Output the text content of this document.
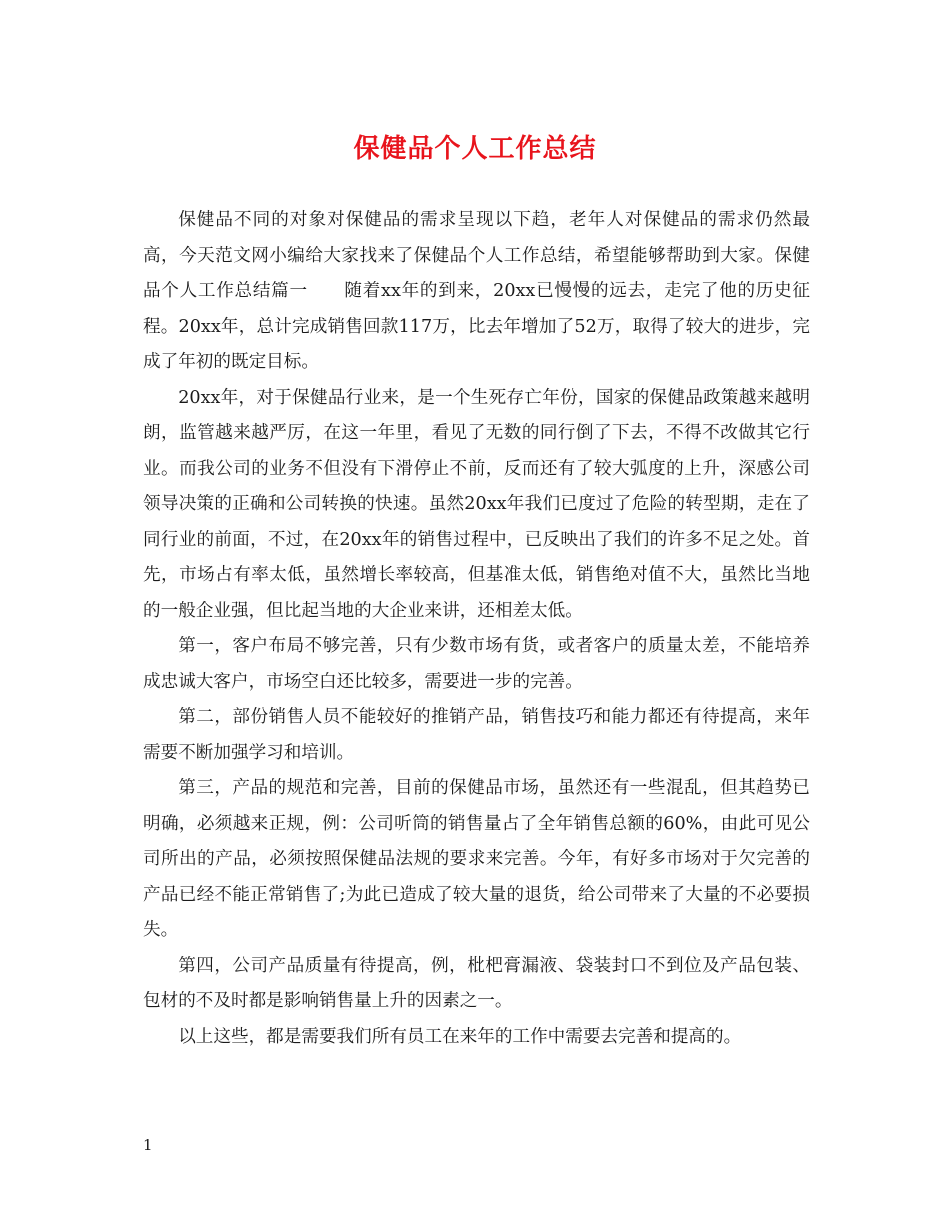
保健品个人工作总结

保健品不同的对象对保健品的需求呈现以下趋，老年人对保健品的需求仍然最高，今天范文网小编给大家找来了保健品个人工作总结，希望能够帮助到大家。保健品个人工作总结篇一　　随着xx年的到来，20xx已慢慢的远去，走完了他的历史征程。20xx年，总计完成销售回款117万，比去年增加了52万，取得了较大的进步，完成了年初的既定目标。

20xx年，对于保健品行业来，是一个生死存亡年份，国家的保健品政策越来越明朗，监管越来越严厉，在这一年里，看见了无数的同行倒了下去，不得不改做其它行业。而我公司的业务不但没有下滑停止不前，反而还有了较大弧度的上升，深感公司领导决策的正确和公司转换的快速。虽然20xx年我们已度过了危险的转型期，走在了同行业的前面，不过，在20xx年的销售过程中，已反映出了我们的许多不足之处。首先，市场占有率太低，虽然增长率较高，但基准太低，销售绝对值不大，虽然比当地的一般企业强，但比起当地的大企业来讲，还相差太低。

第一，客户布局不够完善，只有少数市场有货，或者客户的质量太差，不能培养成忠诚大客户，市场空白还比较多，需要进一步的完善。

第二，部份销售人员不能较好的推销产品，销售技巧和能力都还有待提高，来年需要不断加强学习和培训。

第三，产品的规范和完善，目前的保健品市场，虽然还有一些混乱，但其趋势已明确，必须越来正规，例：公司听筒的销售量占了全年销售总额的60%，由此可见公司所出的产品，必须按照保健品法规的要求来完善。今年，有好多市场对于欠完善的产品已经不能正常销售了;为此已造成了较大量的退货，给公司带来了大量的不必要损失。

第四，公司产品质量有待提高，例，枇杷膏漏液、袋装封口不到位及产品包装、包材的不及时都是影响销售量上升的因素之一。

以上这些，都是需要我们所有员工在来年的工作中需要去完善和提高的。

1
